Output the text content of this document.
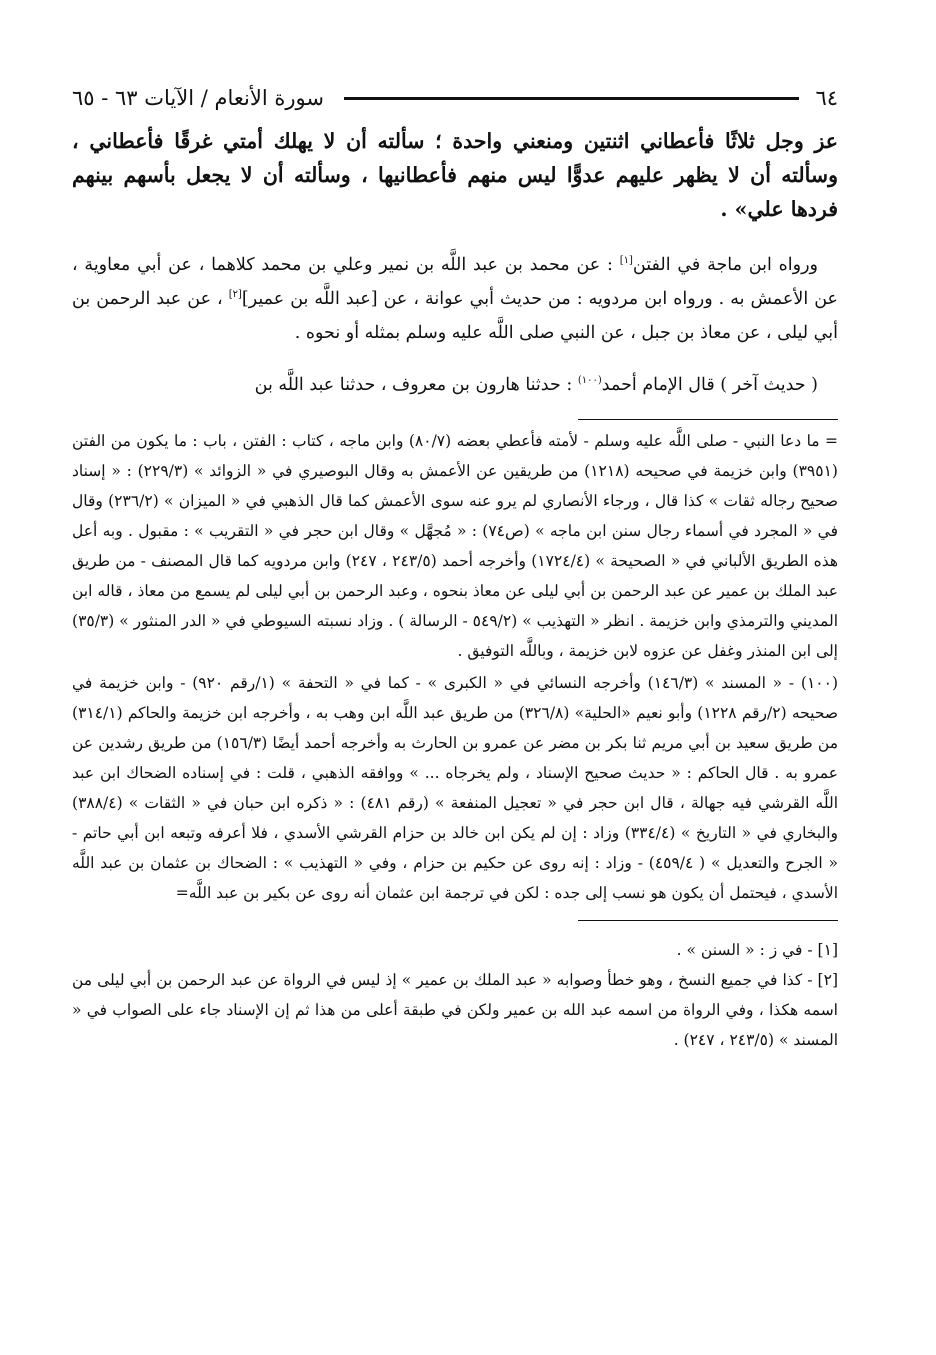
٦٤
سورة الأنعام / الآيات ٦٣ - ٦٥

عز وجل ثلاثًا فأعطاني اثنتين ومنعني واحدة ؛ سألته أن لا يهلك أمتي غرقًا فأعطاني ، وسألته أن لا يظهر عليهم عدوًّا ليس منهم فأعطانيها ، وسألته أن لا يجعل بأسهم بينهم فردها علي» .

ورواه ابن ماجة في الفتن[١] : عن محمد بن عبد اللَّه بن نمير وعلي بن محمد كلاهما ، عن أبي معاوية ، عن الأعمش به . ورواه ابن مردويه : من حديث أبي عوانة ، عن [عبد اللَّه بن عمير][٢] ، عن عبد الرحمن بن أبي ليلى ، عن معاذ بن جبل ، عن النبي صلى اللَّه عليه وسلم بمثله أو نحوه .

( حديث آخر ) قال الإمام أحمد$^{(١٠٠)}$ : حدثنا هارون بن معروف ، حدثنا عبد اللَّه بن

= ما دعا النبي - صلى اللَّه عليه وسلم - لأمته فأعطي بعضه (٨٠/٧) وابن ماجه ، كتاب : الفتن ، باب : ما يكون من الفتن (٣٩٥١) وابن خزيمة في صحيحه (١٢١٨) من طريقين عن الأعمش به وقال البوصيري في « الزوائد » (٢٢٩/٣) : « إسناد صحيح رجاله ثقات » كذا قال ، ورجاء الأنصاري لم يرو عنه سوى الأعمش كما قال الذهبي في « الميزان » (٢٣٦/٢) وقال في « المجرد في أسماء رجال سنن ابن ماجه » (ص٧٤) : « مُجهَّل » وقال ابن حجر في « التقريب » : مقبول . وبه أعل هذه الطريق الألباني في « الصحيحة » (١٧٢٤/٤) وأخرجه أحمد (٢٤٣/٥ ، ٢٤٧) وابن مردويه كما قال المصنف - من طريق عبد الملك بن عمير عن عبد الرحمن بن أبي ليلى عن معاذ بنحوه ، وعبد الرحمن بن أبي ليلى لم يسمع من معاذ ، قاله ابن المديني والترمذي وابن خزيمة . انظر « التهذيب » (٥٤٩/٢ - الرسالة ) . وزاد نسبته السيوطي في « الدر المنثور » (٣٥/٣) إلى ابن المنذر وغفل عن عزوه لابن خزيمة ، وباللَّه التوفيق .

(١٠٠) - « المسند » (١٤٦/٣) وأخرجه النسائي في « الكبرى » - كما في « التحفة » (١/رقم ٩٢٠) - وابن خزيمة في صحيحه (٢/رقم ١٢٢٨) وأبو نعيم «الحلية» (٣٢٦/٨) من طريق عبد اللَّه ابن وهب به ، وأخرجه ابن خزيمة والحاكم (٣١٤/١) من طريق سعيد بن أبي مريم ثنا بكر بن مضر عن عمرو بن الحارث به وأخرجه أحمد أيضًا (١٥٦/٣) من طريق رشدين عن عمرو به . قال الحاكم : « حديث صحيح الإسناد ، ولم يخرجاه ... » ووافقه الذهبي ، قلت : في إسناده الضحاك ابن عبد اللَّه القرشي فيه جهالة ، قال ابن حجر في « تعجيل المنفعة » (رقم ٤٨١) : « ذكره ابن حبان في « الثقات » (٣٨٨/٤) والبخاري في « التاريخ » (٣٣٤/٤) وزاد : إن لم يكن ابن خالد بن حزام القرشي الأسدي ، فلا أعرفه وتبعه ابن أبي حاتم - « الجرح والتعديل » ( ٤٥٩/٤) - وزاد : إنه روى عن حكيم بن حزام ، وفي « التهذيب » : الضحاك بن عثمان بن عبد اللَّه الأسدي ، فيحتمل أن يكون هو نسب إلى جده : لكن في ترجمة ابن عثمان أنه روى عن بكير بن عبد اللَّه=

[١] - في ز : « السنن » .

[٢] - كذا في جميع النسخ ، وهو خطأ وصوابه « عبد الملك بن عمير » إذ ليس في الرواة عن عبد الرحمن بن أبي ليلى من اسمه هكذا ، وفي الرواة من اسمه عبد الله بن عمير ولكن في طبقة أعلى من هذا ثم إن الإسناد جاء على الصواب في « المسند » (٢٤٣/٥ ، ٢٤٧) .
